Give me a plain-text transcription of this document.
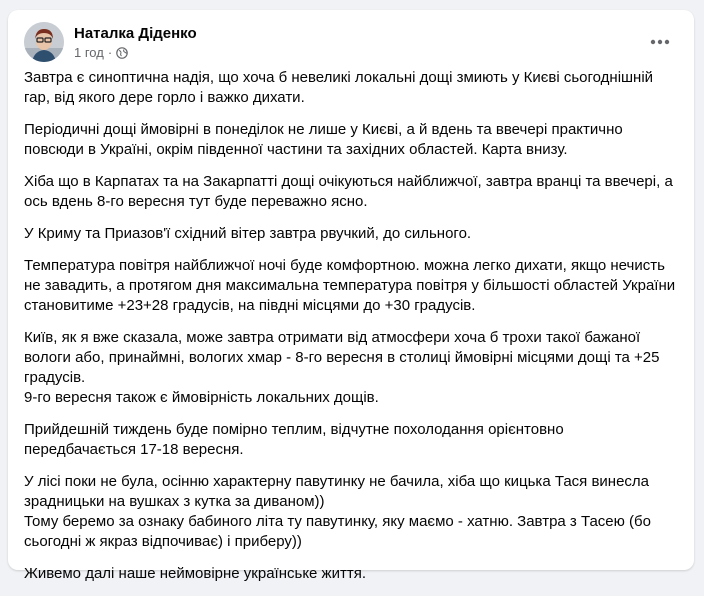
Наталка Діденко
1 год ·

Завтра є синоптична надія, що хоча б невеликі локальні дощі змиють у Києві сьогоднішній гар, від якого дере горло і важко дихати.

Періодичні дощі ймовірні в понеділок не лише у Києві, а й вдень та ввечері практично повсюди в Україні, окрім південної частини та західних областей. Карта внизу.

Хіба що в Карпатах та на Закарпатті дощі очікуються найближчої, завтра вранці та ввечері, а ось вдень 8-го вересня тут буде переважно ясно.

У Криму та Приазов'ї східний вітер завтра рвучкий, до сильного.

Температура повітря найближчої ночі буде комфортною. можна легко дихати, якщо нечисть не завадить, а протягом дня максимальна температура повітря у більшості областей України становитиме +23+28 градусів, на півдні місцями до +30 градусів.

Київ, як я вже сказала, може завтра отримати від атмосфери хоча б трохи такої бажаної вологи або, принаймні, вологих хмар - 8-го вересня в столиці ймовірні місцями дощі та +25 градусів.
9-го вересня також є ймовірність локальних дощів.

Прийдешній тиждень буде помірно теплим, відчутне похолодання орієнтовно передбачається 17-18 вересня.

У лісі поки не була, осінню характерну павутинку не бачила, хіба що кицька Тася винесла зрадницьки на вушках з кутка за диваном))
Тому беремо за ознаку бабиного літа ту павутинку, яку маємо - хатню. Завтра з Тасею (бо сьогодні ж якраз відпочиває) і приберу))

Живемо далі наше неймовірне українське життя.
